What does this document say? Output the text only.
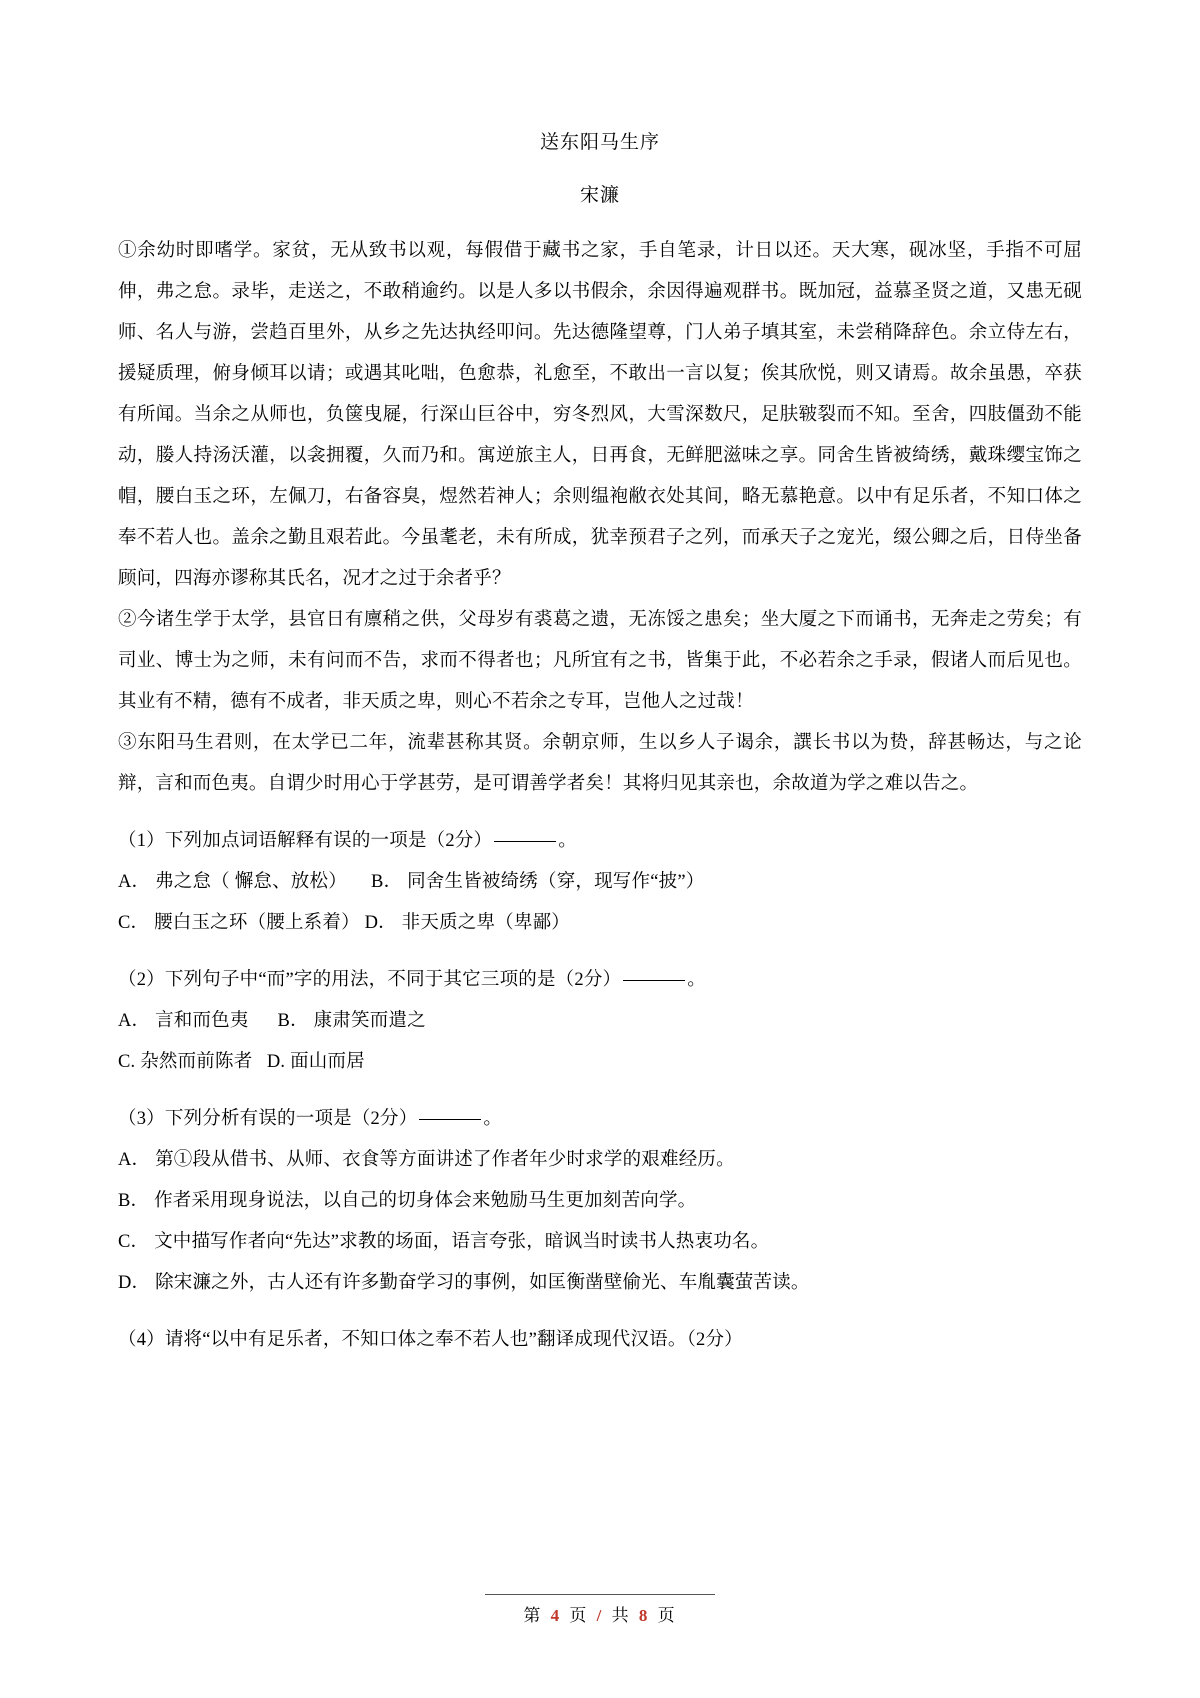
送东阳马生序
宋濂

①余幼时即嗜学。家贫，无从致书以观，每假借于藏书之家，手自笔录，计日以还。天大寒，砚冰坚，手指不可屈伸，弗之怠。录毕，走送之，不敢稍逾约。以是人多以书假余，余因得遍观群书。既加冠，益慕圣贤之道，又患无砚师、名人与游，尝趋百里外，从乡之先达执经叩问。先达德隆望尊，门人弟子填其室，未尝稍降辞色。余立侍左右，援疑质理，俯身倾耳以请；或遇其叱咄，色愈恭，礼愈至，不敢出一言以复；俟其欣悦，则又请焉。故余虽愚，卒获有所闻。当余之从师也，负箧曳屣，行深山巨谷中，穷冬烈风，大雪深数尺，足肤皲裂而不知。至舍，四肢僵劲不能动，媵人持汤沃灌，以衾拥覆，久而乃和。寓逆旅主人，日再食，无鲜肥滋味之享。同舍生皆被绮绣，戴珠缨宝饰之帽，腰白玉之环，左佩刀，右备容臭，煜然若神人；余则缊袍敝衣处其间，略无慕艳意。以中有足乐者，不知口体之奉不若人也。盖余之勤且艰若此。今虽耄老，未有所成，犹幸预君子之列，而承天子之宠光，缀公卿之后，日侍坐备顾问，四海亦谬称其氏名，况才之过于余者乎？

②今诸生学于太学，县官日有廪稍之供，父母岁有裘葛之遗，无冻馁之患矣；坐大厦之下而诵书，无奔走之劳矣；有司业、博士为之师，未有问而不告，求而不得者也；凡所宜有之书，皆集于此，不必若余之手录，假诸人而后见也。其业有不精，德有不成者，非天质之卑，则心不若余之专耳，岂他人之过哉！

③东阳马生君则，在太学已二年，流辈甚称其贤。余朝京师，生以乡人子谒余，譔长书以为贽，辞甚畅达，与之论辩，言和而色夷。自谓少时用心于学甚劳，是可谓善学者矣！其将归见其亲也，余故道为学之难以告之。

（1）下列加点词语解释有误的一项是（2分）	。

A． 弗之怠（ 懈怠、放松）     B． 同舍生皆被绮绣（穿，现写作“披”）

C． 腰白玉之环（腰上系着） D． 非天质之卑（卑鄙）

（2）下列句子中“而”字的用法，不同于其它三项的是（2分）	。

A． 言和而色夷      B． 康肃笑而遣之

C. 杂然而前陈者   D. 面山而居

（3）下列分析有误的一项是（2分）	。

A． 第①段从借书、从师、衣食等方面讲述了作者年少时求学的艰难经历。

B． 作者采用现身说法，以自己的切身体会来勉励马生更加刻苦向学。

C． 文中描写作者向“先达”求教的场面，语言夸张，暗讽当时读书人热衷功名。

D． 除宋濂之外，古人还有许多勤奋学习的事例，如匡衡凿壁偷光、车胤囊萤苦读。

（4）请将“以中有足乐者，不知口体之奉不若人也”翻译成现代汉语。（2分）

第 4 页 / 共 8 页
